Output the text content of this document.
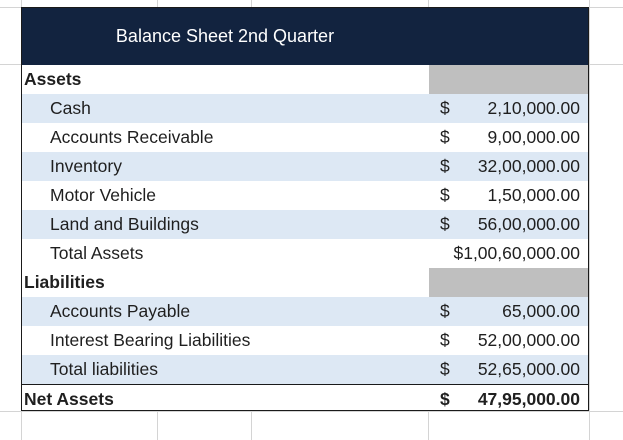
Balance Sheet 2nd Quarter
Assets
Cash	$ 2,10,000.00
Accounts Receivable	$ 9,00,000.00
Inventory	$ 32,00,000.00
Motor Vehicle	$ 1,50,000.00
Land and Buildings	$ 56,00,000.00
Total Assets	$1,00,60,000.00
Liabilities
Accounts Payable	$	65,000.00
Interest Bearing Liabilities	$ 52,00,000.00
Total liabilities	$ 52,65,000.00
Net Assets	$ 47,95,000.00
